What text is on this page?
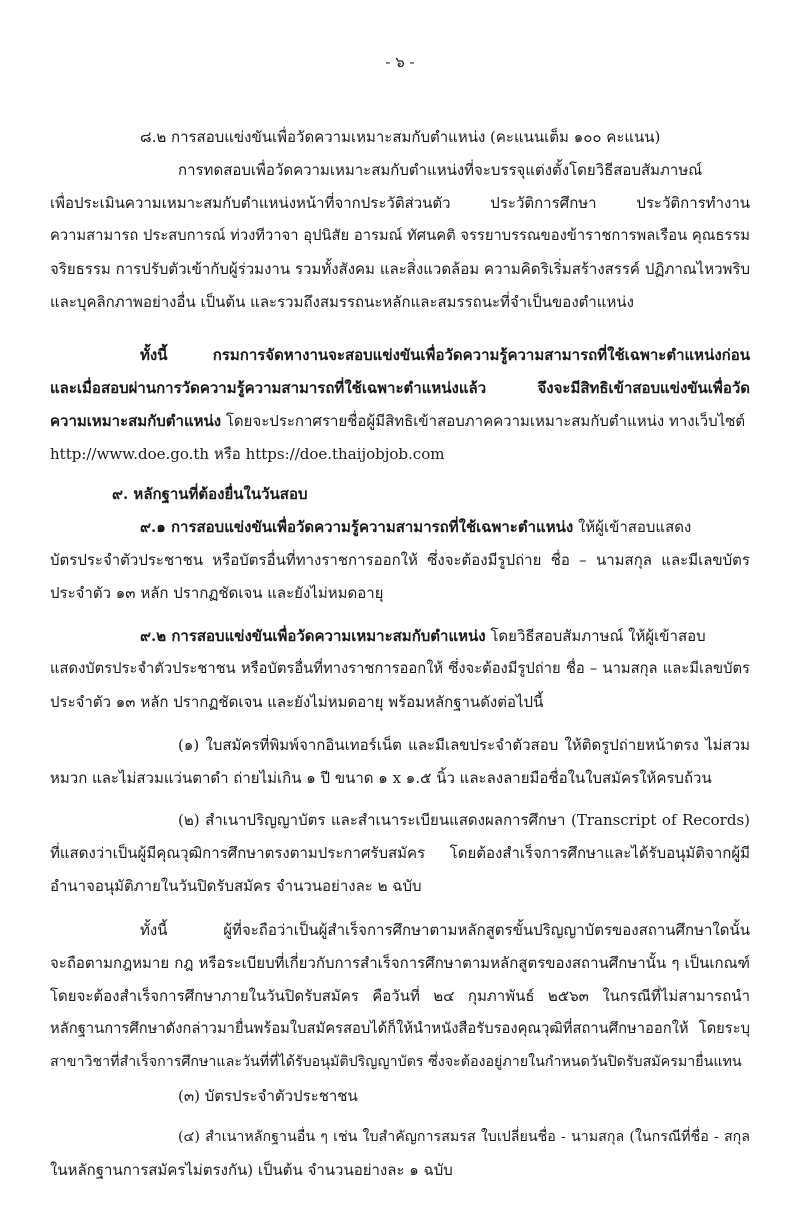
- ๖ -
๘.๒ การสอบแข่งขันเพื่อวัดความเหมาะสมกับตำแหน่ง (คะแนนเต็ม ๑๐๐ คะแนน)
การทดสอบเพื่อวัดความเหมาะสมกับตำแหน่งที่จะบรรจุแต่งตั้งโดยวิธีสอบสัมภาษณ์
เพื่อประเมินความเหมาะสมกับตำแหน่งหน้าที่จากประวัติส่วนตัว ประวัติการศึกษา ประวัติการทำงาน
ความสามารถ ประสบการณ์ ท่วงทีวาจา อุปนิสัย อารมณ์ ทัศนคติ จรรยาบรรณของข้าราชการพลเรือน คุณธรรม
จริยธรรม การปรับตัวเข้ากับผู้ร่วมงาน รวมทั้งสังคม และสิ่งแวดล้อม ความคิดริเริ่มสร้างสรรค์ ปฏิภาณไหวพริบ
และบุคลิกภาพอย่างอื่น เป็นต้น และรวมถึงสมรรถนะหลักและสมรรถนะที่จำเป็นของตำแหน่ง
ทั้งนี้ กรมการจัดหางานจะสอบแข่งขันเพื่อวัดความรู้ความสามารถที่ใช้เฉพาะตำแหน่งก่อน
และเมื่อสอบผ่านการวัดความรู้ความสามารถที่ใช้เฉพาะตำแหน่งแล้ว จึงจะมีสิทธิเข้าสอบแข่งขันเพื่อวัด
ความเหมาะสมกับตำแหน่ง โดยจะประกาศรายชื่อผู้มีสิทธิเข้าสอบภาคความเหมาะสมกับตำแหน่ง ทางเว็บไซต์
http://www.doe.go.th หรือ https://doe.thaijobjob.com
๙. หลักฐานที่ต้องยื่นในวันสอบ
๙.๑ การสอบแข่งขันเพื่อวัดความรู้ความสามารถที่ใช้เฉพาะตำแหน่ง ให้ผู้เข้าสอบแสดง
บัตรประจำตัวประชาชน หรือบัตรอื่นที่ทางราชการออกให้ ซึ่งจะต้องมีรูปถ่าย ชื่อ – นามสกุล และมีเลขบัตร
ประจำตัว ๑๓ หลัก ปรากฏชัดเจน และยังไม่หมดอายุ
๙.๒ การสอบแข่งขันเพื่อวัดความเหมาะสมกับตำแหน่ง โดยวิธีสอบสัมภาษณ์ ให้ผู้เข้าสอบ
แสดงบัตรประจำตัวประชาชน หรือบัตรอื่นที่ทางราชการออกให้ ซึ่งจะต้องมีรูปถ่าย ชื่อ – นามสกุล และมีเลขบัตร
ประจำตัว ๑๓ หลัก ปรากฏชัดเจน และยังไม่หมดอายุ พร้อมหลักฐานดังต่อไปนี้
(๑) ใบสมัครที่พิมพ์จากอินเทอร์เน็ต และมีเลขประจำตัวสอบ ให้ติดรูปถ่ายหน้าตรง ไม่สวม
หมวก และไม่สวมแว่นตาดำ ถ่ายไม่เกิน ๑ ปี ขนาด ๑ x ๑.๕ นิ้ว และลงลายมือชื่อในใบสมัครให้ครบถ้วน
(๒) สำเนาปริญญาบัตร และสำเนาระเบียนแสดงผลการศึกษา (Transcript of Records)
ที่แสดงว่าเป็นผู้มีคุณวุฒิการศึกษาตรงตามประกาศรับสมัคร โดยต้องสำเร็จการศึกษาและได้รับอนุมัติจากผู้มี
อำนาจอนุมัติภายในวันปิดรับสมัคร จำนวนอย่างละ ๒ ฉบับ
ทั้งนี้ ผู้ที่จะถือว่าเป็นผู้สำเร็จการศึกษาตามหลักสูตรขั้นปริญญาบัตรของสถานศึกษาใดนั้น
จะถือตามกฎหมาย กฎ หรือระเบียบที่เกี่ยวกับการสำเร็จการศึกษาตามหลักสูตรของสถานศึกษานั้น ๆ เป็นเกณฑ์
โดยจะต้องสำเร็จการศึกษาภายในวันปิดรับสมัคร คือวันที่ ๒๔ กุมภาพันธ์ ๒๕๖๓ ในกรณีที่ไม่สามารถนำ
หลักฐานการศึกษาดังกล่าวมายื่นพร้อมใบสมัครสอบได้ก็ให้นำหนังสือรับรองคุณวุฒิที่สถานศึกษาออกให้ โดยระบุ
สาขาวิชาที่สำเร็จการศึกษาและวันที่ที่ได้รับอนุมัติปริญญาบัตร ซึ่งจะต้องอยู่ภายในกำหนดวันปิดรับสมัครมายื่นแทน
(๓) บัตรประจำตัวประชาชน
(๔) สำเนาหลักฐานอื่น ๆ เช่น ใบสำคัญการสมรส ใบเปลี่ยนชื่อ - นามสกุล (ในกรณีที่ชื่อ - สกุล
ในหลักฐานการสมัครไม่ตรงกัน) เป็นต้น จำนวนอย่างละ ๑ ฉบับ
